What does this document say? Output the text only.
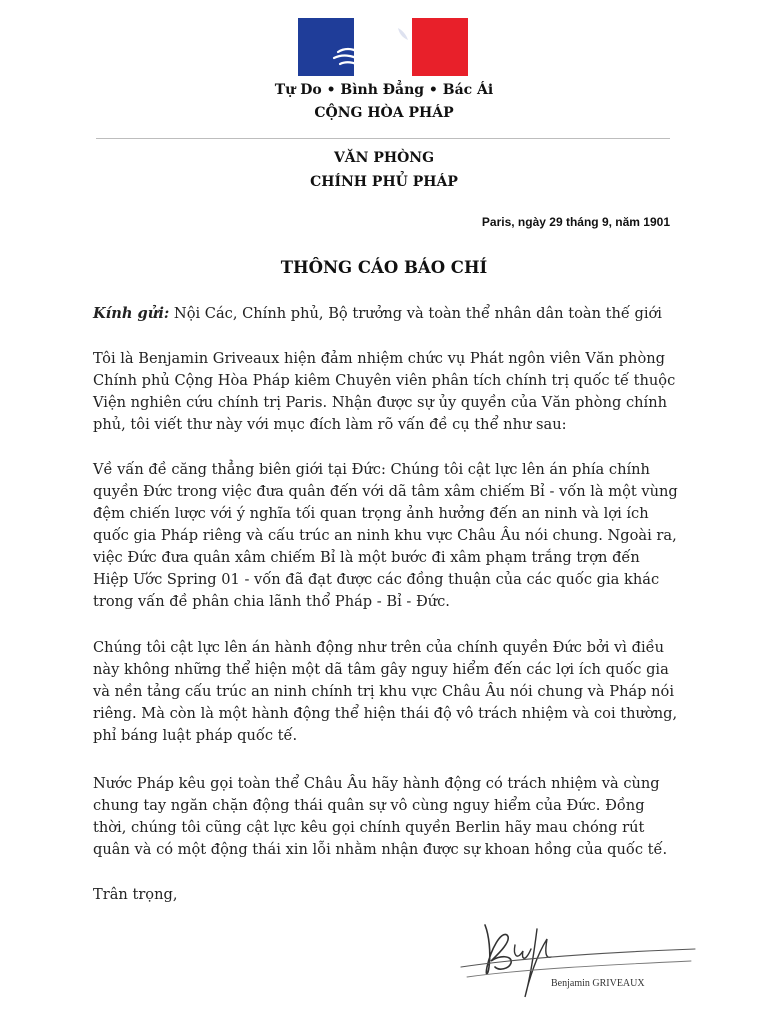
Tự Do • Bình Đẳng • Bác Ái
CỘNG HÒA PHÁP
VĂN PHÒNG
CHÍNH PHỦ PHÁP
Paris, ngày 29 tháng 9, năm 1901
THÔNG CÁO BÁO CHÍ

Kính gửi: Nội Các, Chính phủ, Bộ trưởng và toàn thể nhân dân toàn thế giới

Tôi là Benjamin Griveaux hiện đảm nhiệm chức vụ Phát ngôn viên Văn phòng Chính phủ Cộng Hòa Pháp kiêm Chuyên viên phân tích chính trị quốc tế thuộc Viện nghiên cứu chính trị Paris. Nhận được sự ủy quyền của Văn phòng chính phủ, tôi viết thư này với mục đích làm rõ vấn đề cụ thể như sau:

Về vấn đề căng thẳng biên giới tại Đức: Chúng tôi cật lực lên án phía chính quyền Đức trong việc đưa quân đến với dã tâm xâm chiếm Bỉ - vốn là một vùng đệm chiến lược với ý nghĩa tối quan trọng ảnh hưởng đến an ninh và lợi ích quốc gia Pháp riêng và cấu trúc an ninh khu vực Châu Âu nói chung. Ngoài ra, việc Đức đưa quân xâm chiếm Bỉ là một bước đi xâm phạm trắng trợn đến Hiệp Ước Spring 01 - vốn đã đạt được các đồng thuận của các quốc gia khác trong vấn đề phân chia lãnh thổ Pháp - Bỉ - Đức.

Chúng tôi cật lực lên án hành động như trên của chính quyền Đức bởi vì điều này không những thể hiện một dã tâm gây nguy hiểm đến các lợi ích quốc gia và nền tảng cấu trúc an ninh chính trị khu vực Châu Âu nói chung và Pháp nói riêng. Mà còn là một hành động thể hiện thái độ vô trách nhiệm và coi thường, phỉ báng luật pháp quốc tế.

Nước Pháp kêu gọi toàn thể Châu Âu hãy hành động có trách nhiệm và cùng chung tay ngăn chặn động thái quân sự vô cùng nguy hiểm của Đức. Đồng thời, chúng tôi cũng cật lực kêu gọi chính quyền Berlin hãy mau chóng rút quân và có một động thái xin lỗi nhằm nhận được sự khoan hồng của quốc tế.

Trân trọng,

Benjamin GRIVEAUX
